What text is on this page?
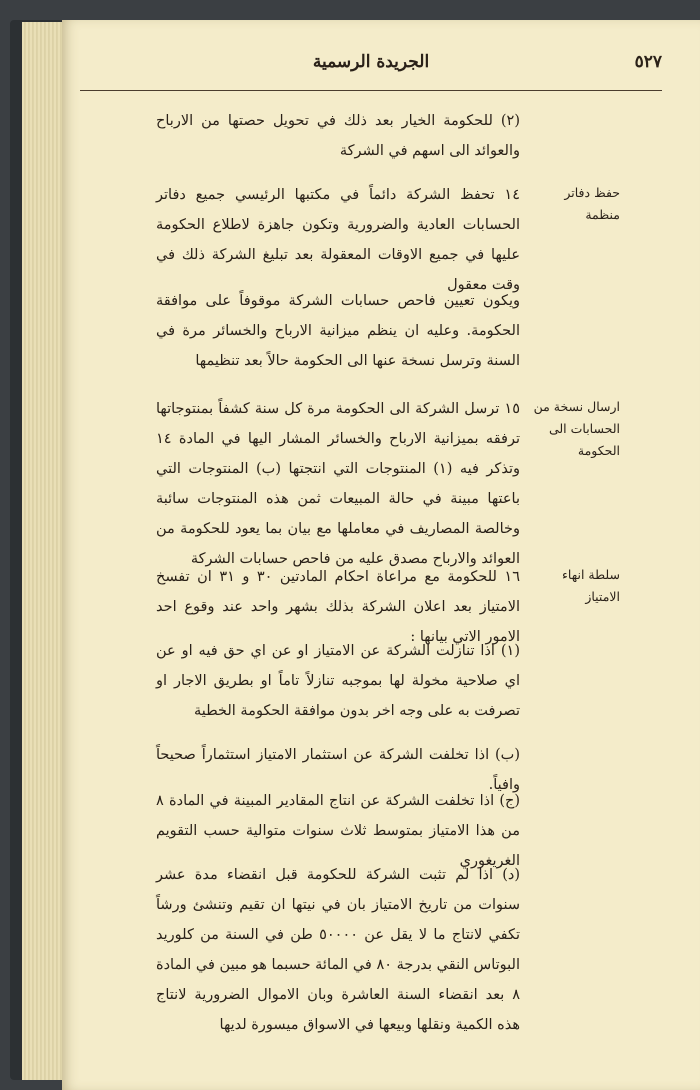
الجريدة الرسمية	٥٢٧
حفظ دفاتر منظمة
ارسال نسخة من الحسابات الى الحكومة
سلطة انهاء الامتياز
(٢) للحكومة الخيار بعد ذلك في تحويل حصتها من الارباح والعوائد الى اسهم في الشركة
١٤ تحفظ الشركة دائماً في مكتبها الرئيسي جميع دفاتر الحسابات العادية والضرورية وتكون جاهزة لاطلاع الحكومة عليها في جميع الاوقات المعقولة بعد تبليغ الشركة ذلك في وقت معقول
ويكون تعيين فاحص حسابات الشركة موقوفاً على موافقة الحكومة. وعليه ان ينظم ميزانية الارباح والخسائر مرة في السنة وترسل نسخة عنها الى الحكومة حالاً بعد تنظيمها
١٥ ترسل الشركة الى الحكومة مرة كل سنة كشفاً بمنتوجاتها ترفقه بميزانية الارباح والخسائر المشار اليها في المادة ١٤ وتذكر فيه (١) المنتوجات التي انتجتها (ب) المنتوجات التي باعتها مبينة في حالة المبيعات ثمن هذه المنتوجات سائبة وخالصة المصاريف في معاملها مع بيان بما يعود للحكومة من العوائد والارباح مصدق عليه من فاحص حسابات الشركة
١٦ للحكومة مع مراعاة احكام المادتين ٣٠ و ٣١ ان تفسخ الامتياز بعد اعلان الشركة بذلك بشهر واحد عند وقوع احد الامور الاتي بيانها :
(١) اذا تنازلت الشركة عن الامتياز او عن اي حق فيه او عن اي صلاحية مخولة لها بموجبه تنازلاً تاماً او بطريق الاجار او تصرفت به على وجه اخر بدون موافقة الحكومة الخطية
(ب) اذا تخلفت الشركة عن استثمار الامتياز استثماراً صحيحاً وافياً.
(ج) اذا تخلفت الشركة عن انتاج المقادير المبينة في المادة ٨ من هذا الامتياز بمتوسط ثلاث سنوات متوالية حسب التقويم الغريغوري
(د) اذا لم تثبت الشركة للحكومة قبل انقضاء مدة عشر سنوات من تاريخ الامتياز بان في نيتها ان تقيم وتنشئ ورشاً تكفي لانتاج ما لا يقل عن ٥٠٠٠٠ طن في السنة من كلوريد البوتاس النقي بدرجة ٨٠ في المائة حسبما هو مبين في المادة ٨ بعد انقضاء السنة العاشرة وبان الاموال الضرورية لانتاج هذه الكمية ونقلها وبيعها في الاسواق ميسورة لديها
